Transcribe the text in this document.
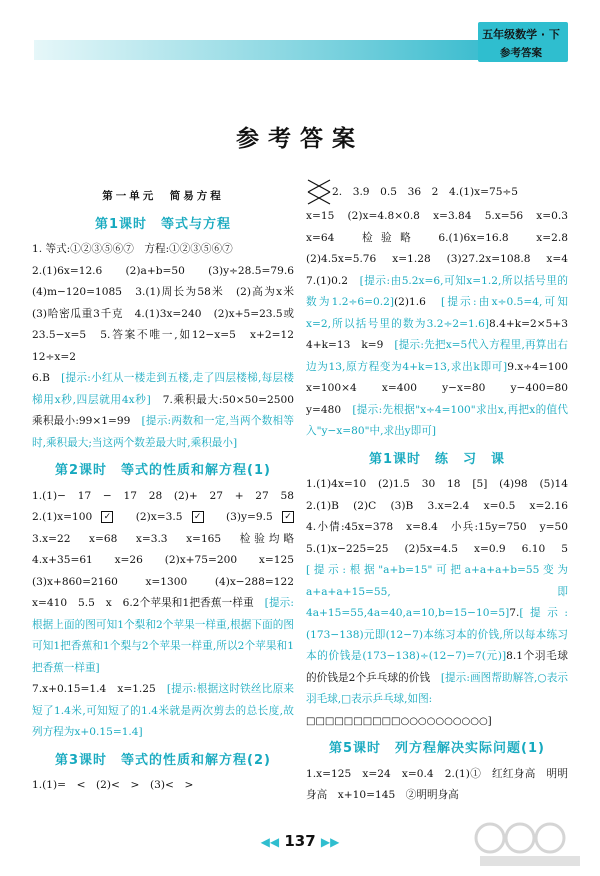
五年级数学 · 下
参考答案
参考答案
第一单元　简易方程
第1课时　等式与方程

1. 等式:①②③⑤⑥⑦　方程:①②③⑤⑥⑦

2.(1)6x=12.6　(2)a+b=50　(3)y÷28.5=79.6　(4)m−120=1085　3.(1)周长为58米　(2)高为x米　(3)哈密瓜重3千克　4.(1)3x=240　(2)x+5=23.5或23.5−x=5　5.答案不唯一,如12−x=5　x+2=12　12÷x=2

6.B　[提示:小红从一楼走到五楼,走了四层楼梯,每层楼梯用x秒,四层就用4x秒]　7.乘积最大:50×50=2500　乘积最小:99×1=99　[提示:两数和一定,当两个数相等时,乘积最大;当这两个数差最大时,乘积最小]

第2课时　等式的性质和解方程(1)

1.(1)−　17　−　17　28　(2)+　27　+　27　58　2.(1)x=100 ✓　 (2)x=3.5 ✓　 (3)y=9.5 ✓　3.x=22　x=68　x=3.3　x=165　检验均略　4.x+35=61　x=26　(2)x+75=200　x=125　(3)x+860=2160　x=1300　(4)x−288=122　x=410　5.5　x　6.2个苹果和1把香蕉一样重　[提示:根据上面的图可知1个梨和2个苹果一样重,根据下面的图可知1把香蕉和1个梨与2个苹果一样重,所以2个苹果和1把香蕉一样重]

7.x+0.15=1.4　x=1.25　[提示:根据这时铁丝比原来短了1.4米,可知短了的1.4米就是两次剪去的总长度,故列方程为x+0.15=1.4]

第3课时　等式的性质和解方程(2)

1.(1)=　<　(2)<　>　(3)<　>

2.　3.9　0.5　36　2　4.(1)x=75÷5

x=15　(2)x=4.8×0.8　x=3.84　5.x=56　x=0.3　x=64　检验略　6.(1)6x=16.8　x=2.8　(2)4.5x=5.76　x=1.28　(3)27.2x=108.8　x=4　7.(1)0.2　[提示:由5.2x=6,可知x=1.2,所以括号里的数为1.2÷6=0.2](2)1.6　[提示:由x÷0.5=4,可知x=2,所以括号里的数为3.2÷2=1.6]8.4+k=2×5+3　4+k=13　k=9　[提示:先把x=5代入方程里,再算出右边为13,原方程变为4+k=13,求出k即可]9.x÷4=100　x=100×4　x=400　y−x=80　y−400=80　y=480　[提示:先根据"x÷4=100"求出x,再把x的值代入"y−x=80"中,求出y即可]

第1课时　练　习　课

1.(1)4x=10　(2)1.5　30　18　[5]　(4)98　(5)14　2.(1)B　(2)C　(3)B　3.x=2.4　x=0.5　x=2.16　4.小倩:45x=378　x=8.4　小兵:15y=750　y=50　5.(1)x−225=25　(2)5x=4.5　x=0.9　6.10　5　[提示:根据"a+b=15"可把a+a+a+b=55变为a+a+a+15=55,即4a+15=55,4a=40,a=10,b=15−10=5]7.[提示:(173−138)元即(12−7)本练习本的价钱,所以每本练习本的价钱是(173−138)÷(12−7)=7(元)]8.1个羽毛球的价钱是2个乒乓球的价钱　[提示:画图帮助解答,○表示羽毛球,□表示乒乓球,如图:

□□□□□□□□□□○○○○○○○○○○]

第5课时　列方程解决实际问题(1)

1.x=125　x=24　x=0.4　2.(1)①　红红身高　明明身高　x+10=145　②明明身高

◀◀ 137 ▶▶
